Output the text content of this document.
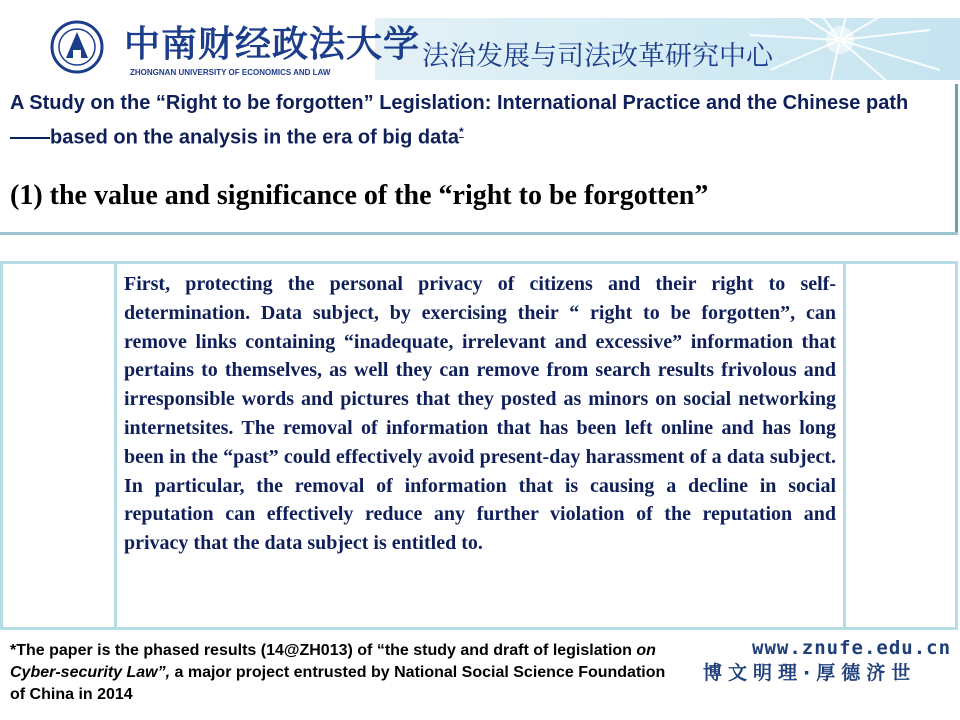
中南财经政法大学
ZHONGNAN UNIVERSITY OF ECONOMICS AND LAW
法治发展与司法改革研究中心
A Study on the “Right to be forgotten” Legislation: International Practice and the Chinese path——based on the analysis in the era of big data*
(1) the value and significance of the “right to be forgotten”
First, protecting the personal privacy of citizens and their right to self-determination. Data subject, by exercising their “ right to be forgotten”, can remove links containing “inadequate, irrelevant and excessive” information that pertains to themselves, as well they can remove from search results frivolous and irresponsible words and pictures that they posted as minors on social networking internetsites. The removal of information that has been left online and has long been in the “past” could effectively avoid present-day harassment of a data subject. In particular, the removal of information that is causing a decline in social reputation can effectively reduce any further violation of the reputation and privacy that the data subject is entitled to.
*The paper is the phased results (14@ZH013) of “the study and draft of legislation on Cyber-security Law”, a major project entrusted by National Social Science Foundation of China in 2014
www.znufe.edu.cn
博文明理·厚德济世
